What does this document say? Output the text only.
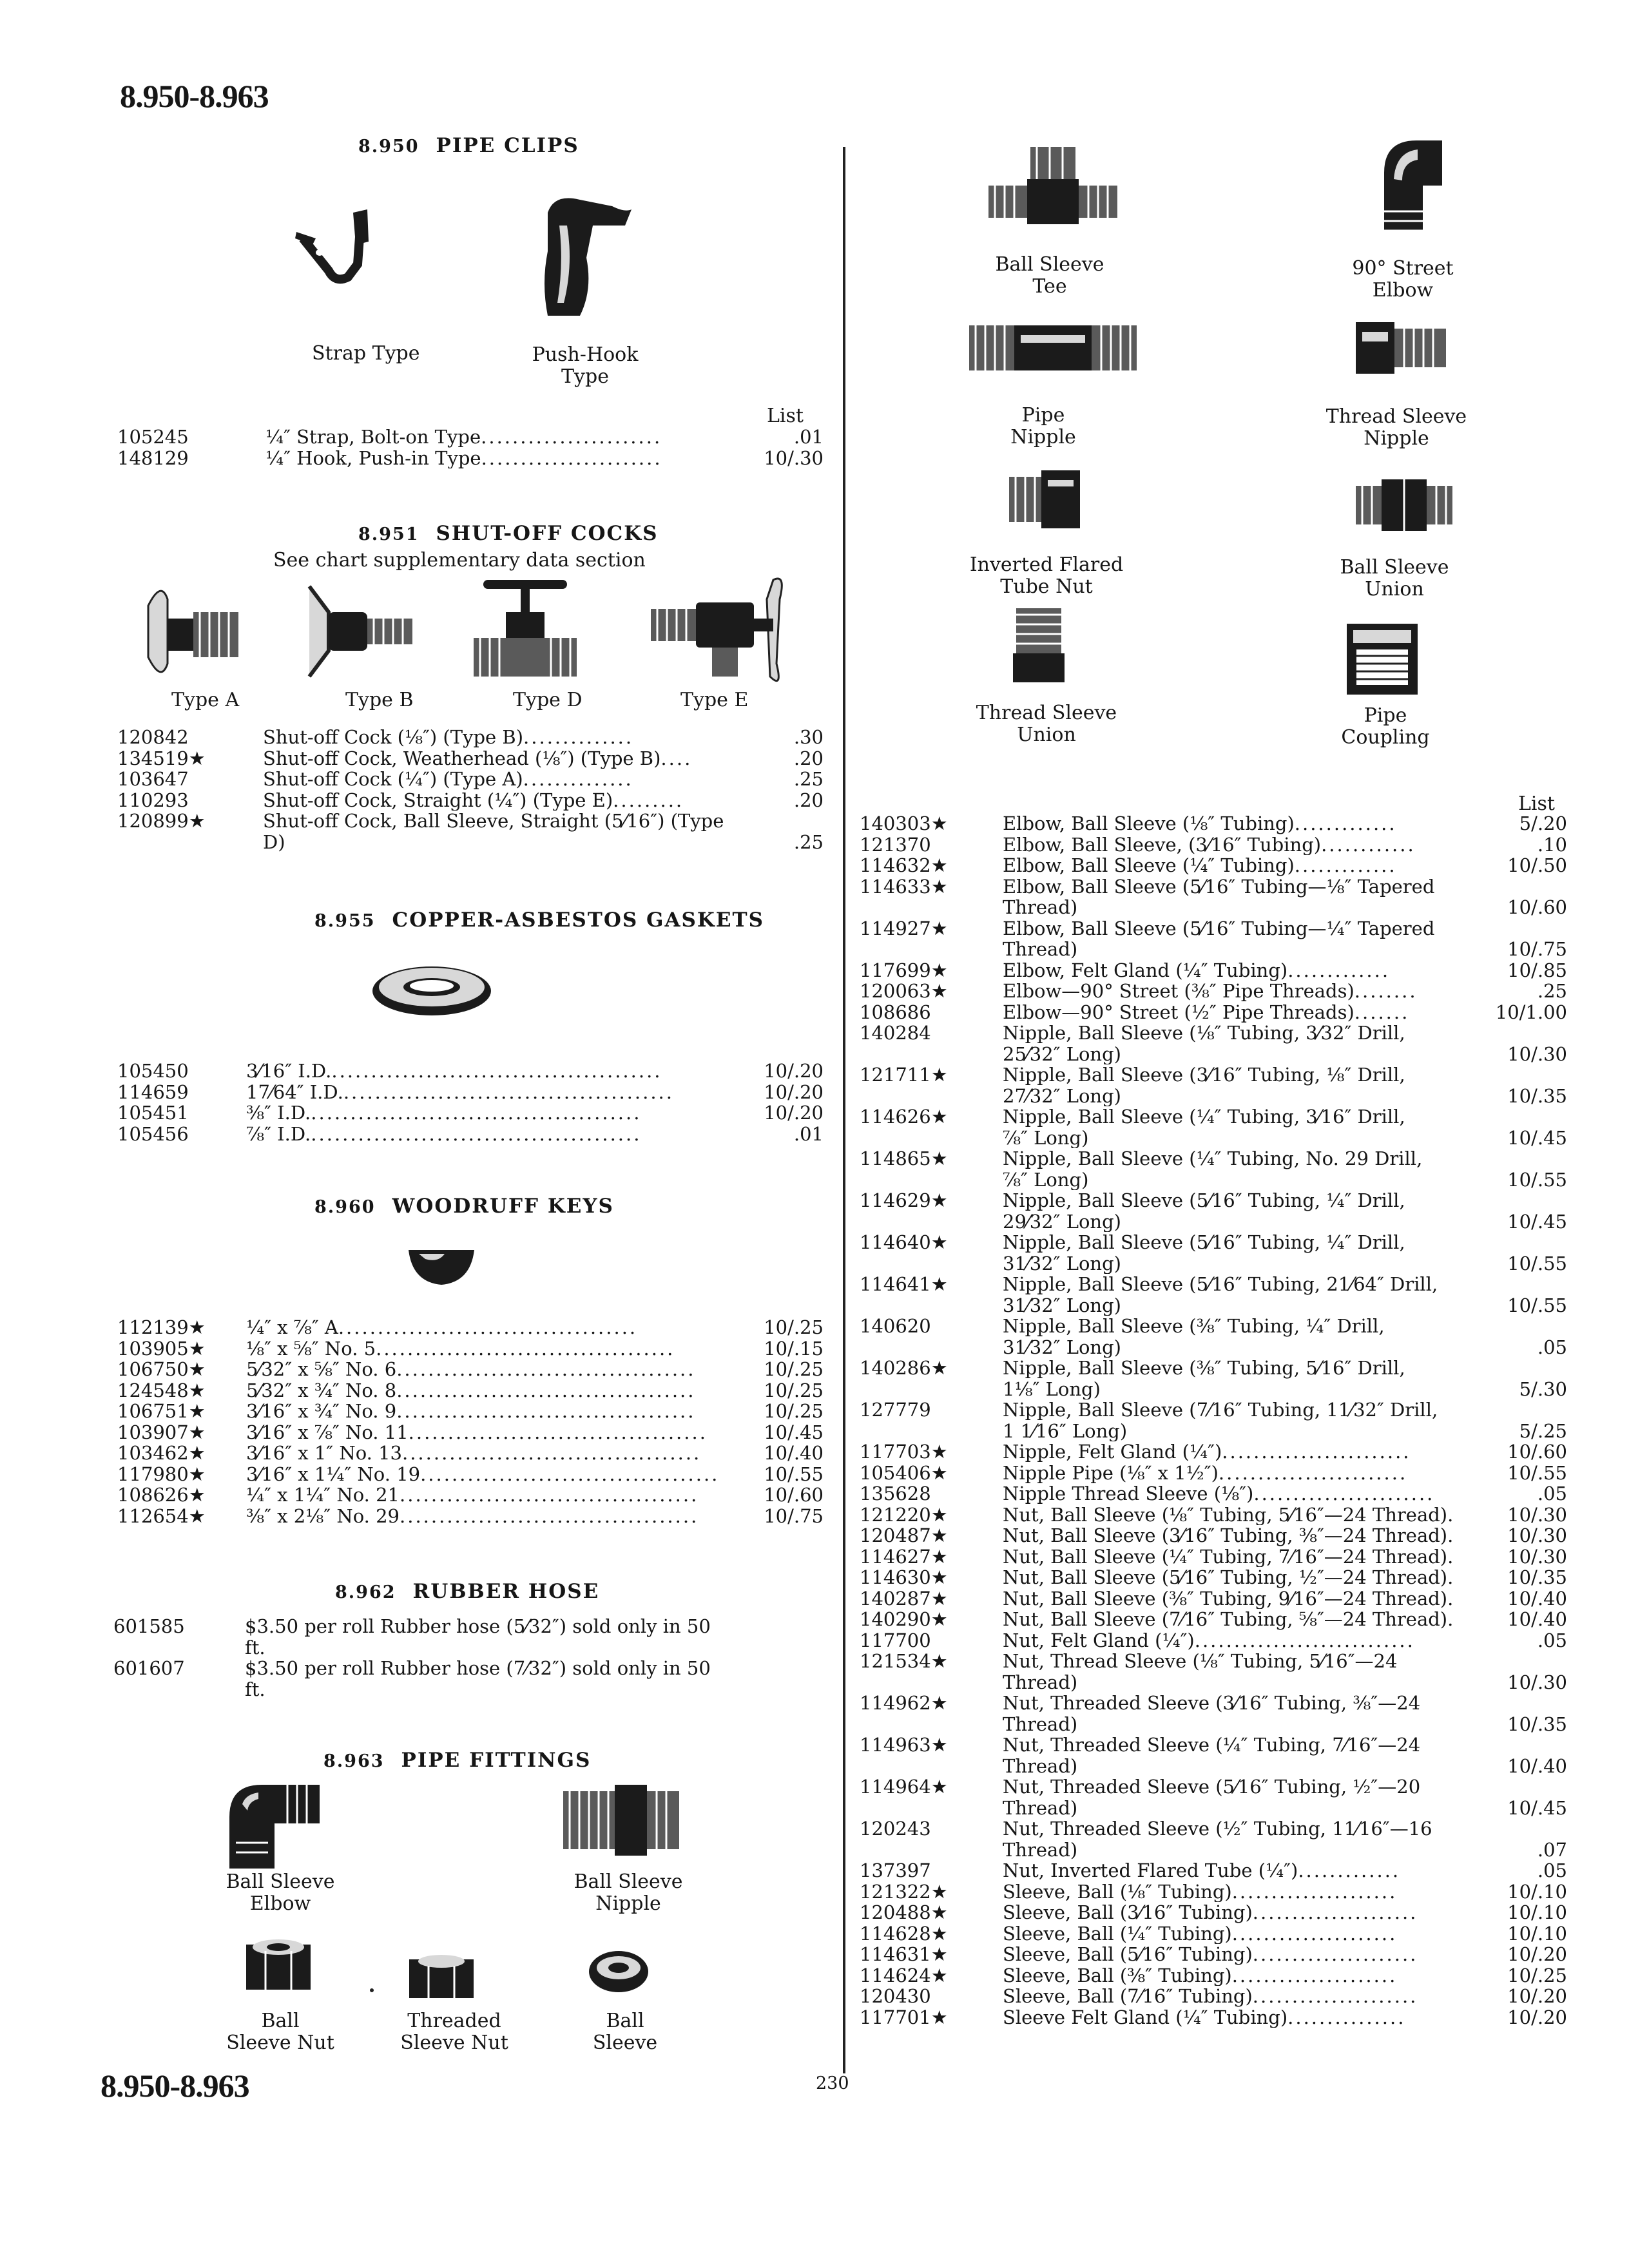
8.950-8.963
8.950-8.963	230
8.950 PIPE CLIPS
Strap Type	Push-Hook
Type
List
105245	¼″ Strap, Bolt-on Type.......................	.01
148129	¼″ Hook, Push-in Type.......................	10/.30
8.951 SHUT-OFF COCKS
See chart supplementary data section
Type A	Type B	Type D	Type E
120842	Shut-off Cock (⅛″) (Type B)..............	.30
134519★	Shut-off Cock, Weatherhead (⅛″) (Type B)....	.20
103647	Shut-off Cock (¼″) (Type A)..............	.25
110293	Shut-off Cock, Straight (¼″) (Type E).........	.20
120899★	Shut-off Cock, Ball Sleeve, Straight (5⁄16″) (Type
D)	.25
8.955 COPPER-ASBESTOS GASKETS
105450	3⁄16″ I.D...........................................	10/.20
114659	17⁄64″ I.D...........................................	10/.20
105451	⅜″ I.D...........................................	10/.20
105456	⅞″ I.D...........................................	.01
8.960 WOODRUFF KEYS
112139★ ¼″ x ⅞″ A......................................	10/.25
103905★ ⅛″ x ⅝″ No. 5......................................	10/.15
106750★ 5⁄32″ x ⅝″ No. 6......................................	10/.25
124548★ 5⁄32″ x ¾″ No. 8......................................	10/.25
106751★ 3⁄16″ x ¾″ No. 9......................................	10/.25
103907★ 3⁄16″ x ⅞″ No. 11......................................	10/.45
103462★ 3⁄16″ x 1″ No. 13......................................	10/.40
117980★ 3⁄16″ x 1¼″ No. 19......................................	10/.55
108626★ ¼″ x 1¼″ No. 21......................................	10/.60
112654★ ⅜″ x 2⅛″ No. 29......................................	10/.75
8.962 RUBBER HOSE
601585	$3.50 per roll Rubber hose (5⁄32″) sold only in 50 ft.

601607	$3.50 per roll Rubber hose (7⁄32″) sold only in 50 ft.

8.963 PIPE FITTINGS
Ball Sleeve
Elbow
Ball Sleeve
Nipple
Ball
Sleeve Nut
Threaded
Sleeve Nut
Ball
Sleeve
Ball Sleeve
Tee
90° Street
Elbow
Pipe
Nipple
Thread Sleeve
Nipple
Inverted Flared
Tube Nut
Ball Sleeve
Union
Thread Sleeve
Union
Pipe
Coupling
List
140303★	Elbow, Ball Sleeve (⅛″ Tubing).............	5/.20
121370	Elbow, Ball Sleeve, (3⁄16″ Tubing)............	.10
114632★	Elbow, Ball Sleeve (¼″ Tubing).............	10/.50
114633★	Elbow, Ball Sleeve (5⁄16″ Tubing—⅛″ Tapered
Thread)	10/.60
114927★	Elbow, Ball Sleeve (5⁄16″ Tubing—¼″ Tapered
Thread)	10/.75
117699★	Elbow, Felt Gland (¼″ Tubing).............	10/.85
120063★	Elbow—90° Street (⅜″ Pipe Threads)........	.25
108686	Elbow—90° Street (½″ Pipe Threads).......	10/1.00
140284	Nipple, Ball Sleeve (⅛″ Tubing, 3⁄32″ Drill,
25⁄32″ Long)	10/.30
121711★	Nipple, Ball Sleeve (3⁄16″ Tubing, ⅛″ Drill,
27⁄32″ Long)	10/.35
114626★	Nipple, Ball Sleeve (¼″ Tubing, 3⁄16″ Drill,
⅞″ Long)	10/.45
114865★	Nipple, Ball Sleeve (¼″ Tubing, No. 29 Drill,
⅞″ Long)	10/.55
114629★	Nipple, Ball Sleeve (5⁄16″ Tubing, ¼″ Drill,
29⁄32″ Long)	10/.45
114640★	Nipple, Ball Sleeve (5⁄16″ Tubing, ¼″ Drill,
31⁄32″ Long)	10/.55
114641★	Nipple, Ball Sleeve (5⁄16″ Tubing, 21⁄64″ Drill,
31⁄32″ Long)	10/.55
140620	Nipple, Ball Sleeve (⅜″ Tubing, ¼″ Drill,
31⁄32″ Long)	.05
140286★	Nipple, Ball Sleeve (⅜″ Tubing, 5⁄16″ Drill,
1⅛″ Long)	5/.30
127779	Nipple, Ball Sleeve (7⁄16″ Tubing, 11⁄32″ Drill,
1 1⁄16″ Long)	5/.25
117703★	Nipple, Felt Gland (¼″)........................	10/.60
105406★	Nipple Pipe (⅛″ x 1½″)........................	10/.55
135628	Nipple Thread Sleeve (⅛″).......................	.05
121220★	Nut, Ball Sleeve (⅛″ Tubing, 5⁄16″—24 Thread).	10/.30
120487★	Nut, Ball Sleeve (3⁄16″ Tubing, ⅜″—24 Thread).	10/.30
114627★	Nut, Ball Sleeve (¼″ Tubing, 7⁄16″—24 Thread).	10/.30
114630★	Nut, Ball Sleeve (5⁄16″ Tubing, ½″—24 Thread).	10/.35
140287★	Nut, Ball Sleeve (⅜″ Tubing, 9⁄16″—24 Thread).	10/.40
140290★	Nut, Ball Sleeve (7⁄16″ Tubing, ⅝″—24 Thread).	10/.40
117700	Nut, Felt Gland (¼″)............................	.05
121534★	Nut, Thread Sleeve (⅛″ Tubing, 5⁄16″—24
Thread)	10/.30
114962★	Nut, Threaded Sleeve (3⁄16″ Tubing, ⅜″—24
Thread)	10/.35
114963★	Nut, Threaded Sleeve (¼″ Tubing, 7⁄16″—24
Thread)	10/.40
114964★	Nut, Threaded Sleeve (5⁄16″ Tubing, ½″—20
Thread)	10/.45
120243	Nut, Threaded Sleeve (½″ Tubing, 11⁄16″—16
Thread)	.07
137397	Nut, Inverted Flared Tube (¼″).............	.05
121322★	Sleeve, Ball (⅛″ Tubing).....................	10/.10
120488★	Sleeve, Ball (3⁄16″ Tubing).....................	10/.10
114628★	Sleeve, Ball (¼″ Tubing).....................	10/.10
114631★	Sleeve, Ball (5⁄16″ Tubing).....................	10/.20
114624★	Sleeve, Ball (⅜″ Tubing).....................	10/.25
120430	Sleeve, Ball (7⁄16″ Tubing).....................	10/.20
117701★	Sleeve Felt Gland (¼″ Tubing)...............	10/.20
